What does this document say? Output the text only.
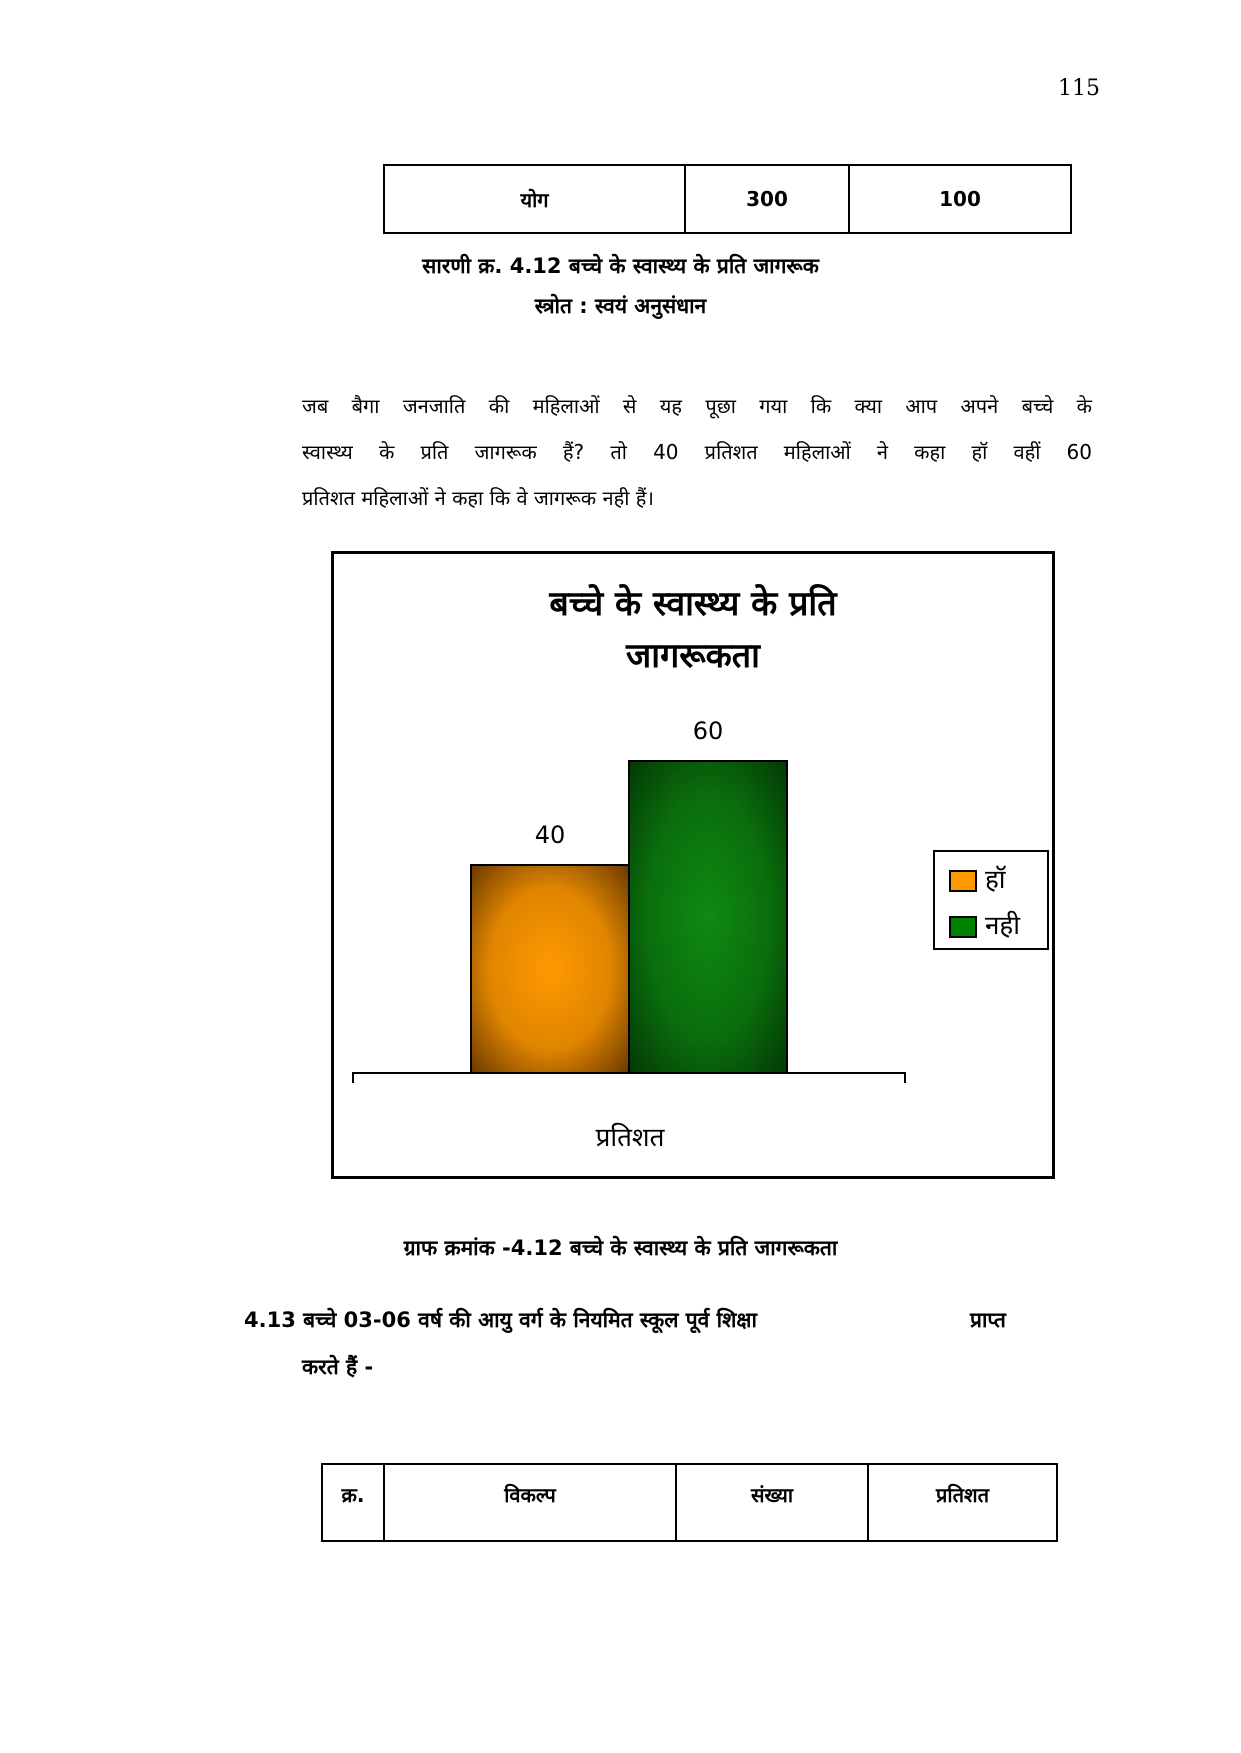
115
योग	300	100
सारणी क्र. 4.12 बच्चे के स्वास्थ्य के प्रति जागरूक
स्त्रोत : स्वयं अनुसंधान
जब बैगा जनजाति की महिलाओं से यह पूछा गया कि क्या आप अपने बच्चे के
स्वास्थ्य के प्रति जागरूक हैं? तो 40 प्रतिशत महिलाओं ने कहा हॉ वहीं 60
प्रतिशत महिलाओं ने कहा कि वे जागरूक नही हैं।
बच्चे के स्वास्थ्य के प्रति
जागरूकता
40
60
हॉ
नही
प्रतिशत
ग्राफ क्रमांक -4.12 बच्चे के स्वास्थ्य के प्रति जागरूकता
4.13 बच्चे 03-06 वर्ष की आयु वर्ग के नियमित स्कूल पूर्व शिक्षा	प्राप्त
करते हैं -
क्र.	विकल्प	संख्या	प्रतिशत
